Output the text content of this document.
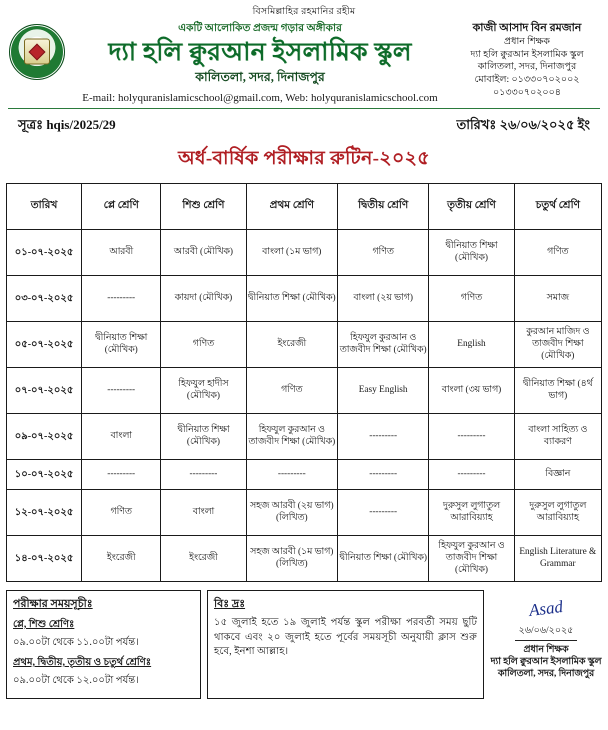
বিসমিল্লাহির রহমানির রহীম
একটি আলোকিত প্রজন্ম গড়ার অঙ্গীকার
দ্যা হলি ক্বুরআন ইসলামিক স্কুল
কালিতলা, সদর, দিনাজপুর
E-mail: holyquranislamicschool@gmail.com, Web: holyquranislamicschool.com
কাজী আসাদ বিন রমজান
প্রধান শিক্ষক
দ্যা হলি ক্বুরআন ইসলামিক স্কুল
কালিতলা, সদর, দিনাজপুর
মোবাইল: ০১৩৩০৭০২০০২
০১৩৩০৭০২০০৪
সূত্রঃ hqis/2025/29	তারিখঃ ২৬/০৬/২০২৫ ইং
অর্ধ-বার্ষিক পরীক্ষার রুটিন-২০২৫
তারিখ	প্লে শ্রেণি	শিশু শ্রেণি	প্রথম শ্রেণি	দ্বিতীয় শ্রেণি	তৃতীয় শ্রেণি	চতুর্থ শ্রেণি
০১-০৭-২০২৫	আরবী	আরবী (মৌখিক)	বাংলা (১ম ভাগ)	গণিত	দ্বীনিয়াত শিক্ষা (মৌখিক)	গণিত
০৩-০৭-২০২৫	---------	কায়দা (মৌখিক)	দ্বীনিয়াত শিক্ষা (মৌখিক)	বাংলা (২য় ভাগ)	গণিত	সমাজ
০৫-০৭-২০২৫	দ্বীনিয়াত শিক্ষা (মৌখিক)	গণিত	ইংরেজী	হিফযুল কুরআন ও তাজবীদ শিক্ষা (মৌখিক)	English	কুরআন মাজিদ ও তাজবীদ শিক্ষা (মৌখিক)
০৭-০৭-২০২৫	---------	হিফযুল হাদীস (মৌখিক)	গণিত	Easy English	বাংলা (৩য় ভাগ)	দ্বীনিয়াত শিক্ষা (৪র্থ ভাগ)
০৯-০৭-২০২৫	বাংলা	দ্বীনিয়াত শিক্ষা (মৌখিক)	হিফযুল কুরআন ও তাজবীদ শিক্ষা (মৌখিক)	---------	---------	বাংলা সাহিত্য ও ব্যাকরণ
১০-০৭-২০২৫	---------	---------	---------	---------	---------	বিজ্ঞান
১২-০৭-২০২৫	গণিত	বাংলা	সহজ আরবী (২য় ভাগ) (লিখিত)	---------	দুরুসুল লুগাতুল আরাবিয়্যাহ	দুরুসুল লুগাতুল আরাবিয়্যাহ
১৪-০৭-২০২৫	ইংরেজী	ইংরেজী	সহজ আরবী (১ম ভাগ) (লিখিত)	দ্বীনিয়াত শিক্ষা (মৌখিক)	হিফযুল কুরআন ও তাজবীদ শিক্ষা (মৌখিক)	English Literature & Grammar
পরীক্ষার সময়সূচীঃ
প্লে, শিশু শ্রেণিঃ
০৯.০০টা থেকে ১১.০০টা পর্যন্ত।
প্রথম, দ্বিতীয়, তৃতীয় ও চতুর্থ শ্রেণিঃ
০৯.০০টা থেকে ১২.০০টা পর্যন্ত।
বিঃ দ্রঃ
১৫ জুলাই হতে ১৯ জুলাই পর্যন্ত স্কুল পরীক্ষা পরবর্তী সময় ছুটি থাকবে এবং ২০ জুলাই হতে পূর্বের সময়সূচী অনুযায়ী ক্লাস শুরু হবে, ইনশা আল্লাহ।
Asad
২৬/০৬/২০২৫
প্রধান শিক্ষক
দ্যা হলি ক্বুরআন ইসলামিক স্কুল
কালিতলা, সদর, দিনাজপুর
